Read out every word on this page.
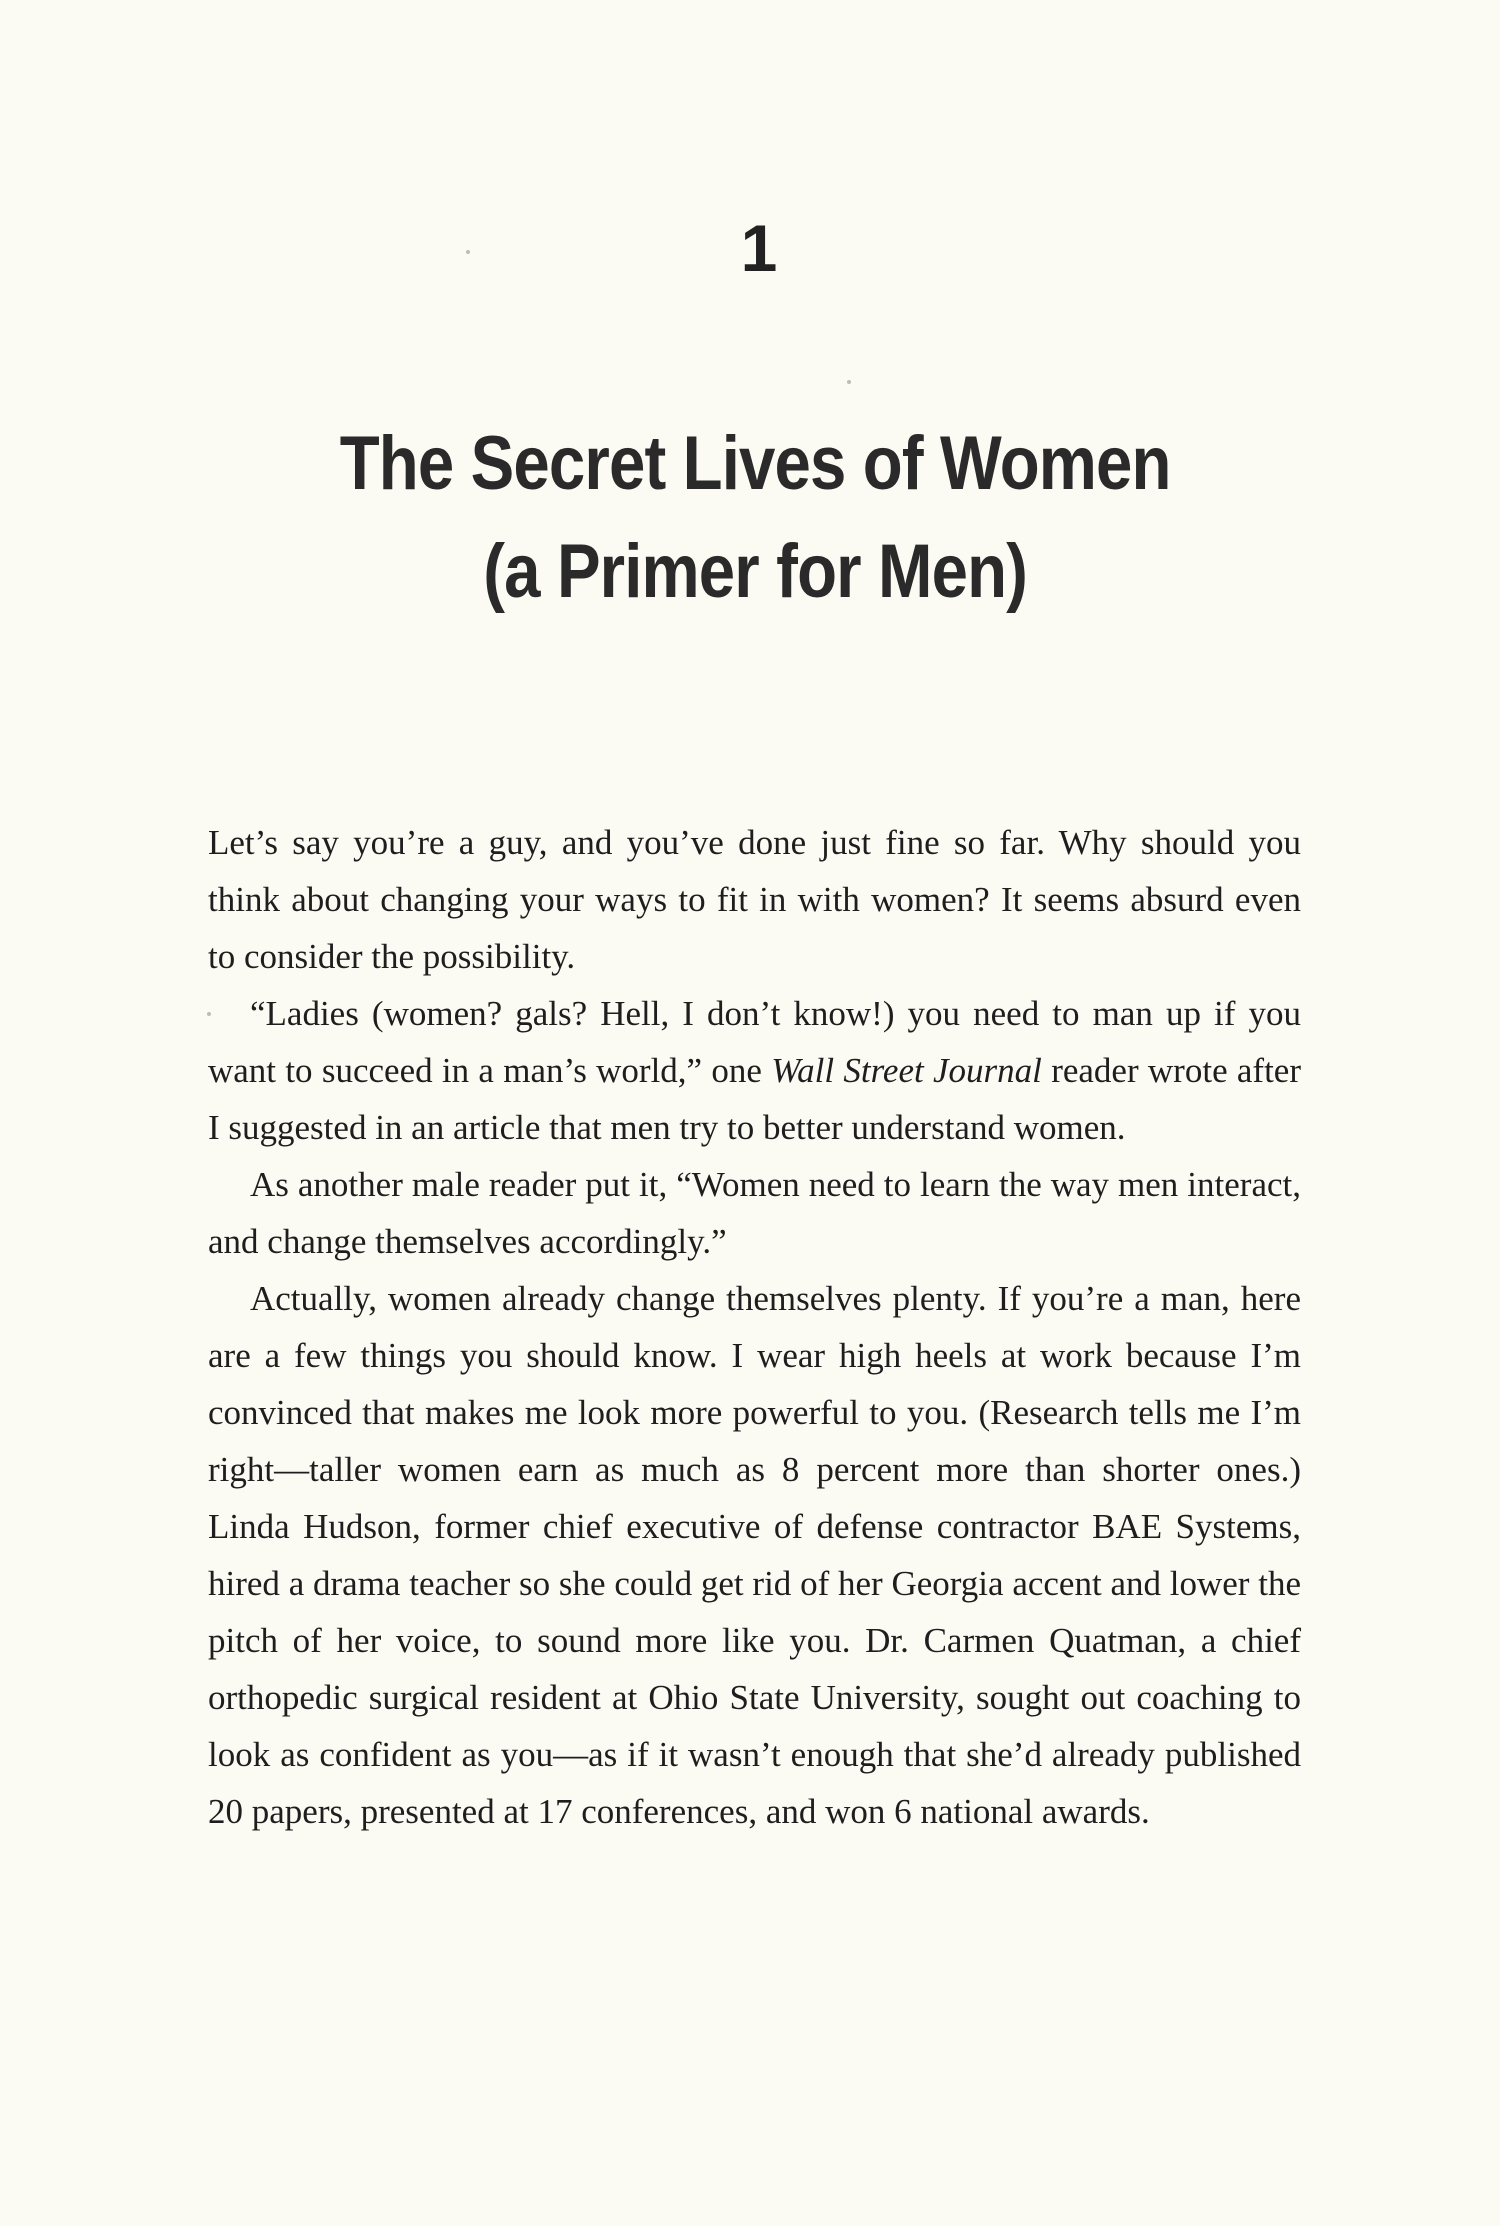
1
The Secret Lives of Women
(a Primer for Men)

Let’s say you’re a guy, and you’ve done just fine so far. Why should you think about changing your ways to fit in with women? It seems absurd even to consider the possibility.

“Ladies (women? gals? Hell, I don’t know!) you need to man up if you want to succeed in a man’s world,” one Wall Street Journal reader wrote after I suggested in an article that men try to better understand women.

As another male reader put it, “Women need to learn the way men interact, and change themselves accordingly.”

Actually, women already change themselves plenty. If you’re a man, here are a few things you should know. I wear high heels at work because I’m convinced that makes me look more powerful to you. (Research tells me I’m right—taller women earn as much as 8 percent more than shorter ones.) Linda Hudson, former chief executive of defense contractor BAE Systems, hired a drama teacher so she could get rid of her Georgia accent and lower the pitch of her voice, to sound more like you. Dr. Carmen Quatman, a chief orthopedic surgical resident at Ohio State University, sought out coaching to look as confident as you—as if it wasn’t enough that she’d already published 20 papers, presented at 17 conferences, and won 6 national awards.
